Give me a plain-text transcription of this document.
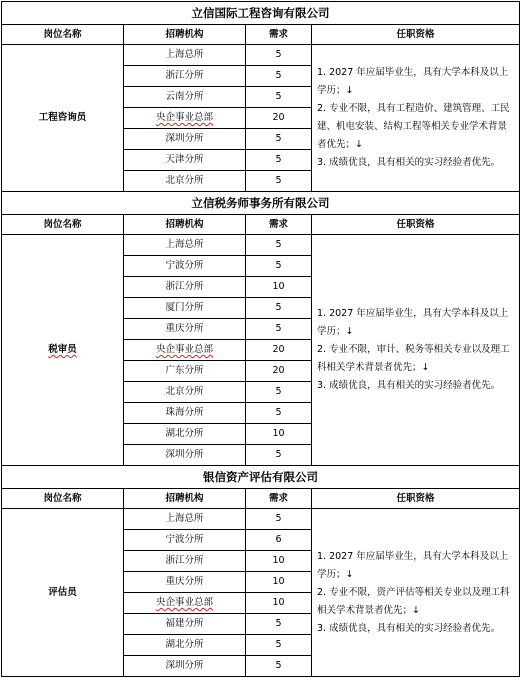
立信国际工程咨询有限公司			
岗位名称	招聘机构	需求	任职资格
工程咨询员	上海总所	5	1. 2027 年应届毕业生，具有大学本科及以上学历；↓
2. 专业不限，具有工程造价、建筑管理、工民建、机电安装、结构工程等相关专业学术背景者优先；↓
3. 成绩优良，具有相关的实习经验者优先。

	浙江分所	5	
	云南分所	5	
	央企事业总部	20	
	深圳分所	5	
	天津分所	5	
	北京分所	5	
立信税务师事务所有限公司			
岗位名称	招聘机构	需求	任职资格
税审员	上海总所	5	1. 2027 年应届毕业生，具有大学本科及以上学历；↓
2. 专业不限，审计、税务等相关专业以及理工科相关学术背景者优先；↓
3. 成绩优良，具有相关的实习经验者优先。

	宁波分所	5	
	浙江分所	10	
	厦门分所	5	
	重庆分所	5	
	央企事业总部	20	
	广东分所	20	
	北京分所	5	
	珠海分所	5	
	湖北分所	10	
	深圳分所	5	
银信资产评估有限公司			
岗位名称	招聘机构	需求	任职资格
评估员	上海总所	5	1. 2027 年应届毕业生，具有大学本科及以上学历；↓
2. 专业不限，资产评估等相关专业以及理工科相关学术背景者优先；↓
3. 成绩优良，具有相关的实习经验者优先。

	宁波分所	6	
	浙江分所	10	
	重庆分所	10	
	央企事业总部	10	
	福建分所	5	
	湖北分所	5	
	深圳分所	5	
